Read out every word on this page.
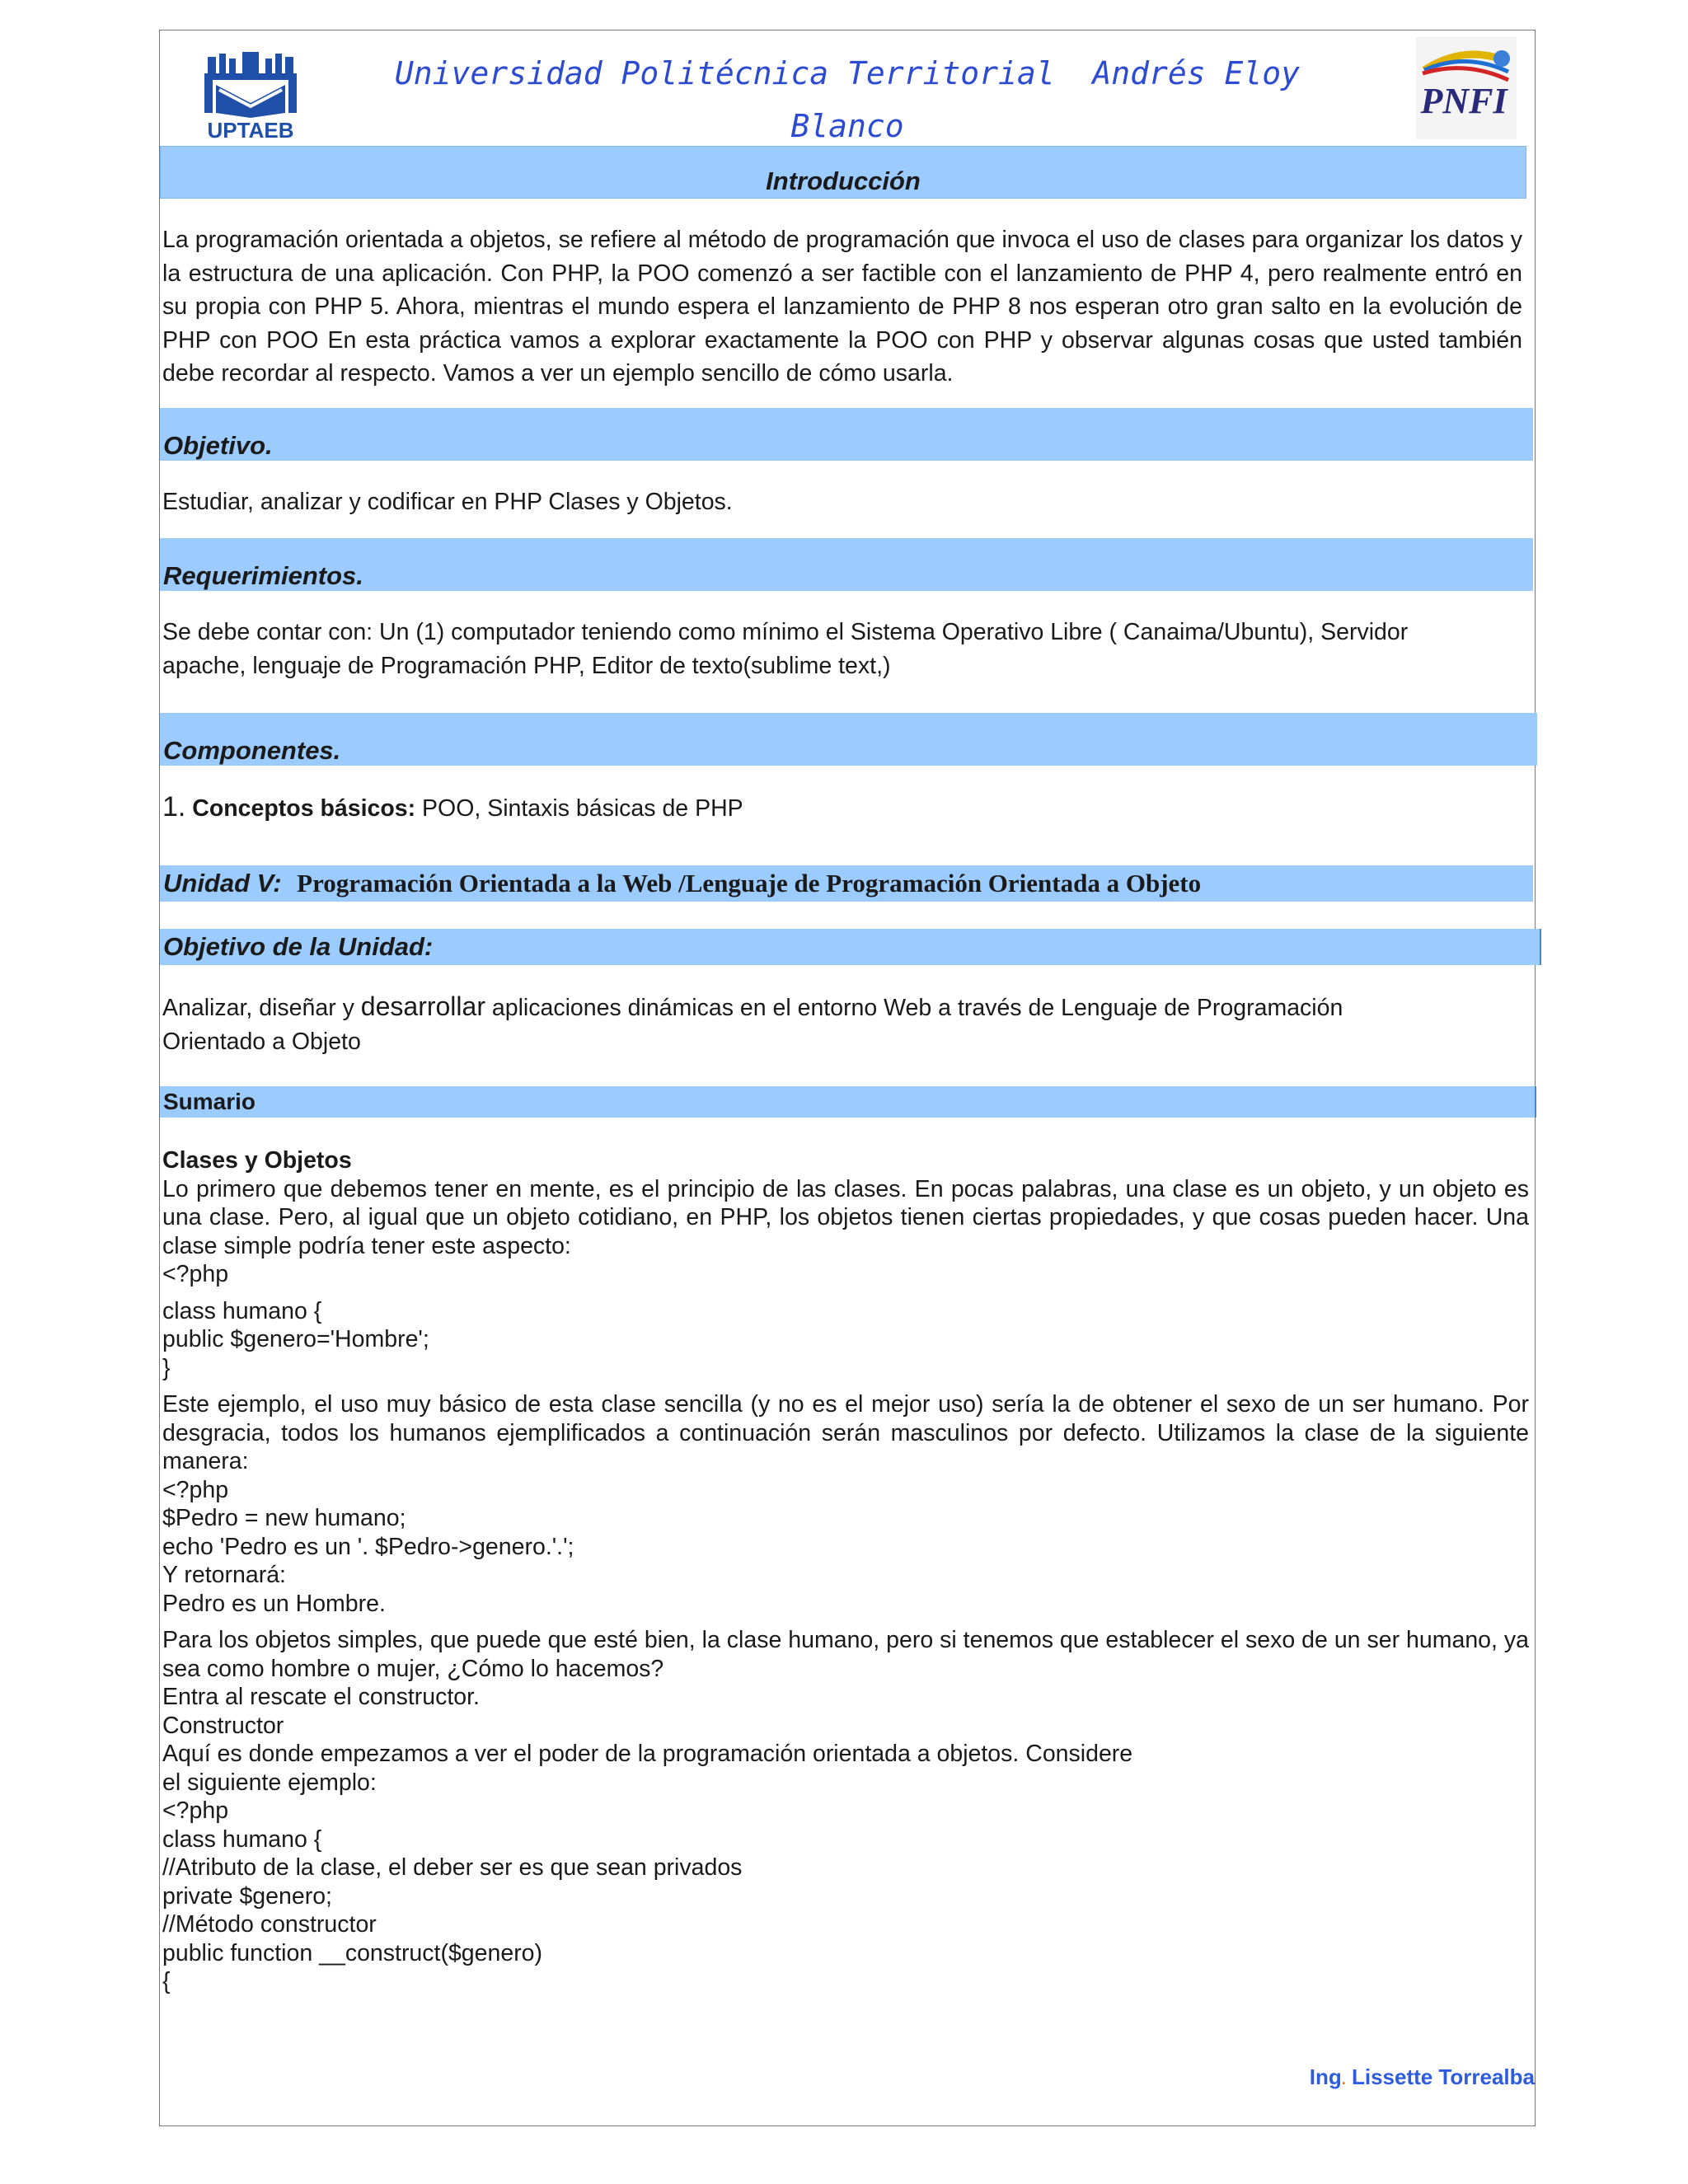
UPTAEB
Universidad Politécnica Territorial  Andrés Eloy
Blanco
PNFI
Introducción
La programación orientada a objetos, se refiere al método de programación que invoca el uso de clases para organizar los datos y la estructura de una aplicación. Con PHP, la POO comenzó a ser factible con el lanzamiento de PHP 4, pero realmente entró en su propia con PHP 5. Ahora, mientras el mundo espera el lanzamiento de PHP 8 nos esperan otro gran salto en la evolución de PHP con POO En esta práctica vamos a explorar exactamente la POO con PHP y observar algunas cosas que usted también debe recordar al respecto. Vamos a ver un ejemplo sencillo de cómo usarla.
Objetivo.
Estudiar, analizar y codificar en PHP Clases y Objetos.
Requerimientos.
Se debe contar con: Un (1) computador teniendo como mínimo el Sistema Operativo Libre ( Canaima/Ubuntu), Servidor
apache, lenguaje de Programación PHP, Editor de texto(sublime text,)
Componentes.
1. Conceptos básicos: POO, Sintaxis básicas de PHP
Unidad V: Programación Orientada a la Web /Lenguaje de Programación Orientada a Objeto
Objetivo de la Unidad:
Analizar, diseñar y desarrollar aplicaciones dinámicas en el entorno Web a través de Lenguaje de Programación
Orientado a Objeto
Sumario
Clases y Objetos
Lo primero que debemos tener en mente, es el principio de las clases. En pocas palabras, una clase es un objeto, y un objeto es una clase. Pero, al igual que un objeto cotidiano, en PHP, los objetos tienen ciertas propiedades, y que cosas pueden hacer. Una clase simple podría tener este aspecto:
<?php
class humano {
public $genero='Hombre';
}
Este ejemplo, el uso muy básico de esta clase sencilla (y no es el mejor uso) sería la de obtener el sexo de un ser humano. Por desgracia, todos los humanos ejemplificados a continuación serán masculinos por defecto. Utilizamos la clase de la siguiente manera:
<?php
$Pedro = new humano;
echo 'Pedro es un '. $Pedro->genero.'.';
Y retornará:
Pedro es un Hombre.
Para los objetos simples, que puede que esté bien, la clase humano, pero si tenemos que establecer el sexo de un ser humano, ya sea como hombre o mujer, ¿Cómo lo hacemos?
Entra al rescate el constructor.
Constructor
Aquí es donde empezamos a ver el poder de la programación orientada a objetos. Considere
el siguiente ejemplo:
<?php
class humano {
//Atributo de la clase, el deber ser es que sean privados
private $genero;
//Método constructor
public function __construct($genero)
{
Ing. Lissette Torrealba
